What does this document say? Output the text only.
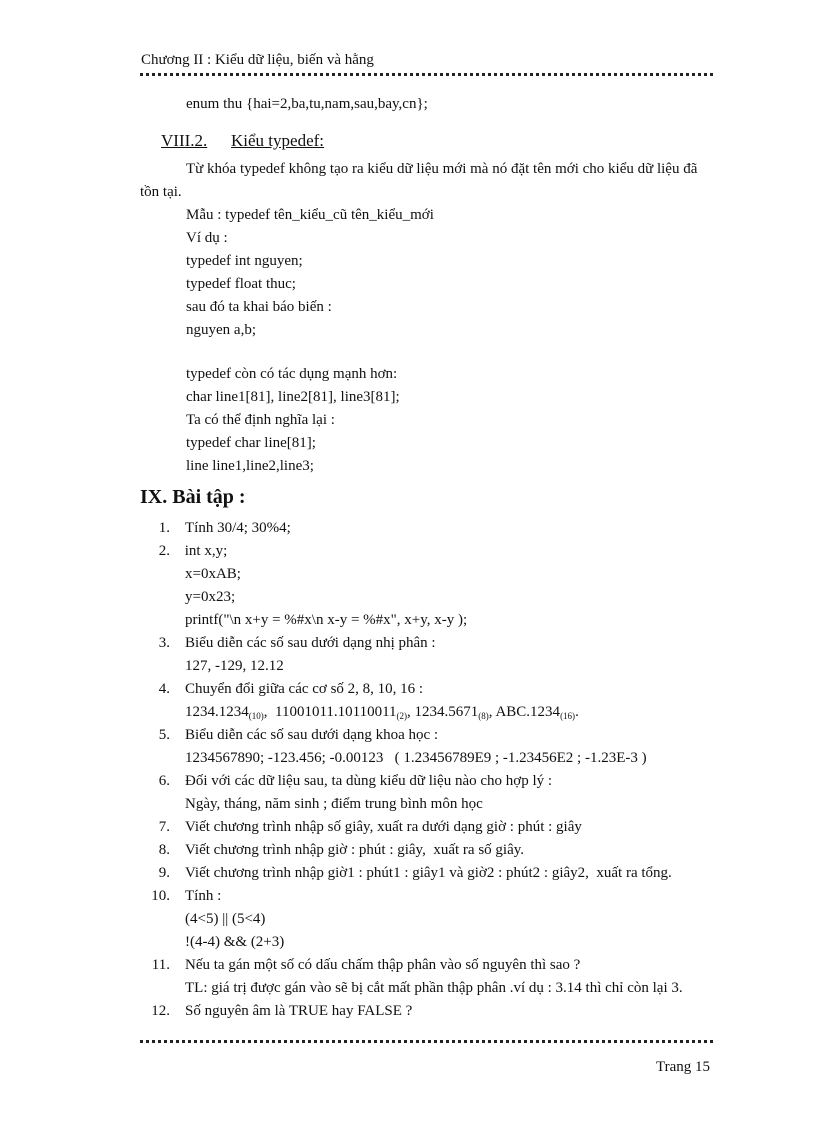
Chương II : Kiểu dữ liệu, biến và hằng
enum thu {hai=2,ba,tu,nam,sau,bay,cn};
VIII.2. Kiểu typedef:
Từ khóa typedef không tạo ra kiểu dữ liệu mới mà nó đặt tên mới cho kiểu dữ liệu đã
tồn tại.
Mẫu : typedef tên_kiểu_cũ tên_kiểu_mới
Ví dụ :
typedef int nguyen;
typedef float thuc;
sau đó ta khai báo biến :
nguyen a,b;
typedef còn có tác dụng mạnh hơn:
char line1[81], line2[81], line3[81];
Ta có thể định nghĩa lại :
typedef char line[81];
line line1,line2,line3;
IX. Bài tập :
1. Tính 30/4; 30%4;
2. int x,y;
x=0xAB;
y=0x23;
printf("\n x+y = %#x\n x-y = %#x", x+y, x-y );
3. Biểu diễn các số sau dưới dạng nhị phân :
127, -129, 12.12
4. Chuyển đổi giữa các cơ số 2, 8, 10, 16 :
$1234.1234_{(10)}$,  $11001011.10110011_{(2)}$, $1234.5671_{(8)}$, $ABC.1234_{(16)}$.
5. Biểu diễn các số sau dưới dạng khoa học :
1234567890; -123.456; -0.00123   ( 1.23456789E9 ; -1.23456E2 ; -1.23E-3 )
6. Đối với các dữ liệu sau, ta dùng kiểu dữ liệu nào cho hợp lý :
Ngày, tháng, năm sinh ; điểm trung bình môn học
7. Viết chương trình nhập số giây, xuất ra dưới dạng giờ : phút : giây
8. Viết chương trình nhập giờ : phút : giây,  xuất ra số giây.
9. Viết chương trình nhập giờ1 : phút1 : giây1 và giờ2 : phút2 : giây2,  xuất ra tổng.
10. Tính :
(4<5) || (5<4)
!(4-4) && (2+3)
11. Nếu ta gán một số có dấu chấm thập phân vào số nguyên thì sao ?
TL: giá trị được gán vào sẽ bị cắt mất phần thập phân .ví dụ : 3.14 thì chỉ còn lại 3.
12. Số nguyên âm là TRUE hay FALSE ?
Trang 15
